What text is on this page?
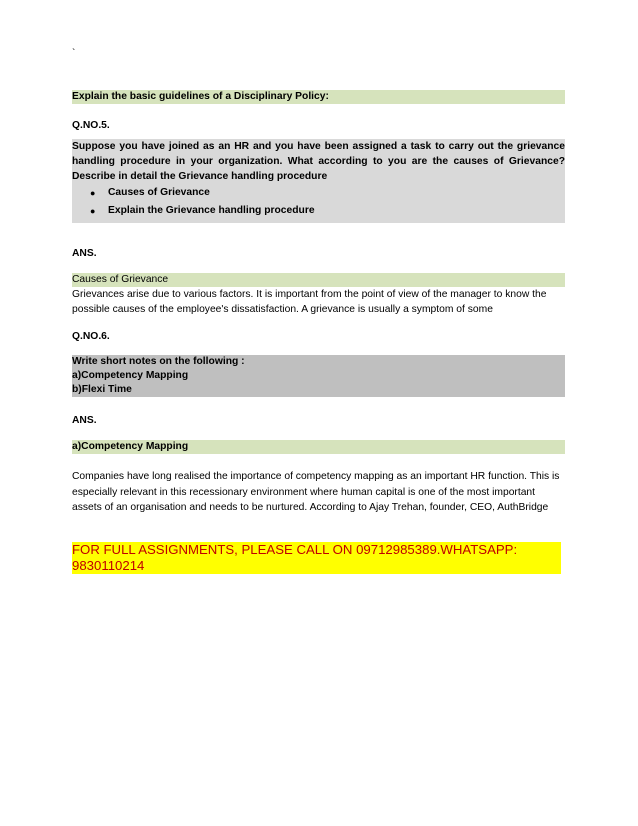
`
Explain the basic guidelines of a Disciplinary Policy:
Q.NO.5.
Suppose you have joined as an HR and you have been assigned a task to carry out the grievance handling procedure in your organization. What according to you are the causes of Grievance? Describe in detail the Grievance handling procedure
●	Causes of Grievance
●	Explain the Grievance handling procedure
ANS.
Causes of Grievance
Grievances arise due to various factors. It is important from the point of view of the manager to know the possible causes of the employee's dissatisfaction. A grievance is usually a symptom of some
Q.NO.6.
Write short notes on the following :
a)Competency Mapping
b)Flexi Time
ANS.
a)Competency Mapping
Companies have long realised the importance of competency mapping as an important HR function. This is especially relevant in this recessionary environment where human capital is one of the most important assets of an organisation and needs to be nurtured. According to Ajay Trehan, founder, CEO, AuthBridge
FOR FULL ASSIGNMENTS, PLEASE CALL ON 09712985389.WHATSAPP: 9830110214
